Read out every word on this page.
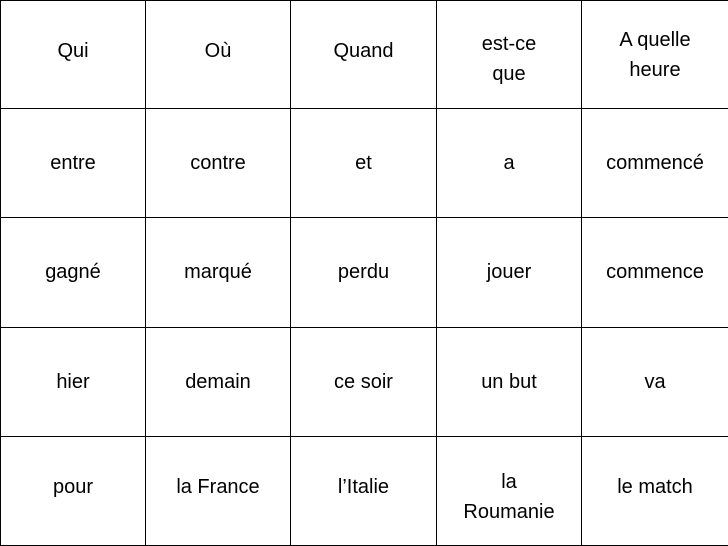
Qui	Où	Quand	est-ce que	A quelle heure
entre	contre	et	a	commencé
gagné	marqué	perdu	jouer	commence
hier	demain	ce soir	un but	va
pour	la France	l’Italie	la Roumanie	le match
